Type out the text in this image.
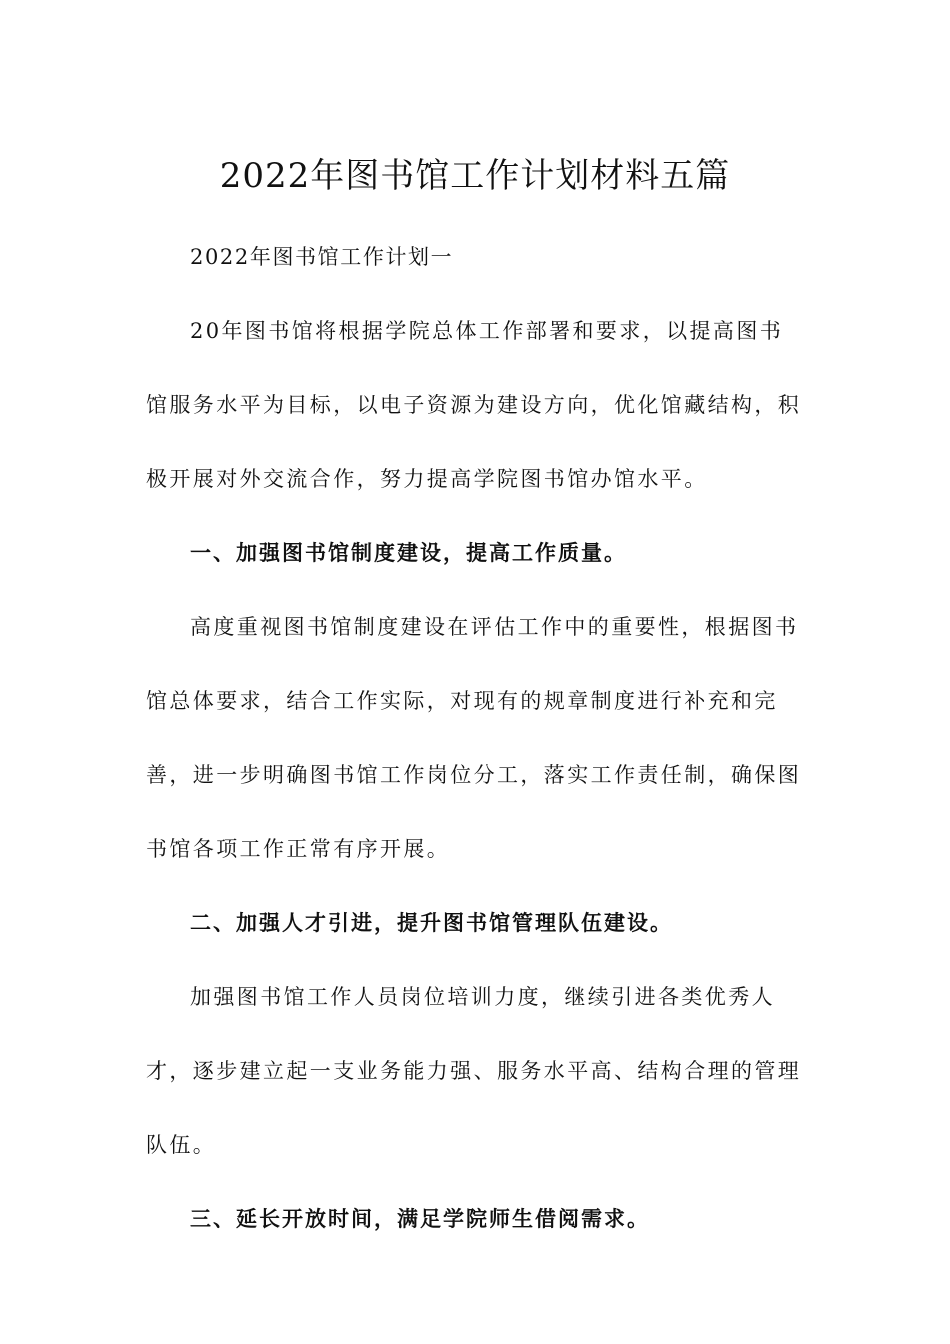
2022年图书馆工作计划材料五篇

2022年图书馆工作计划一

20年图书馆将根据学院总体工作部署和要求，以提高图书馆服务水平为目标，以电子资源为建设方向，优化馆藏结构，积极开展对外交流合作，努力提高学院图书馆办馆水平。

一、加强图书馆制度建设，提高工作质量。

高度重视图书馆制度建设在评估工作中的重要性，根据图书馆总体要求，结合工作实际，对现有的规章制度进行补充和完善，进一步明确图书馆工作岗位分工，落实工作责任制，确保图书馆各项工作正常有序开展。

二、加强人才引进，提升图书馆管理队伍建设。

加强图书馆工作人员岗位培训力度，继续引进各类优秀人才，逐步建立起一支业务能力强、服务水平高、结构合理的管理队伍。

三、延长开放时间，满足学院师生借阅需求。
